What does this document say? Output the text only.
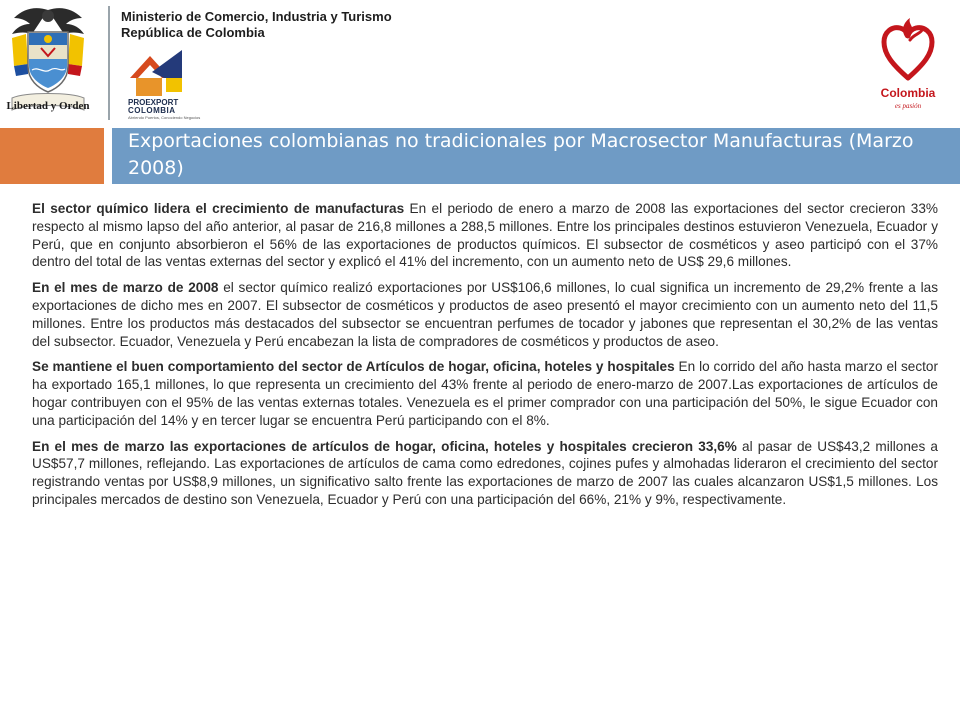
Libertad y Orden
Ministerio de Comercio, Industria y Turismo
República de Colombia
PROEXPORT
COLOMBIA
Abriendo Puertos, Conociendo Negocios
Colombia
es pasión
Exportaciones colombianas no tradicionales por Macrosector Manufacturas (Marzo 2008)

El sector químico lidera el crecimiento de manufacturas En el periodo de enero a marzo de 2008 las exportaciones del sector crecieron 33% respecto al mismo lapso del año anterior, al pasar de 216,8 millones a 288,5 millones. Entre los principales destinos estuvieron Venezuela, Ecuador y Perú, que en conjunto absorbieron el 56% de las exportaciones de productos químicos. El subsector de cosméticos y aseo participó con el 37% dentro del total de las ventas externas del sector y explicó el 41% del incremento, con un aumento neto de US$ 29,6 millones.

En el mes de marzo de 2008 el sector químico realizó exportaciones por US$106,6 millones, lo cual significa un incremento de 29,2% frente a las exportaciones de dicho mes en 2007. El subsector de cosméticos y productos de aseo presentó el mayor crecimiento con un aumento neto del 11,5 millones. Entre los productos más destacados del subsector se encuentran perfumes de tocador y jabones que representan el 30,2% de las ventas del subsector. Ecuador, Venezuela y Perú encabezan la lista de compradores de cosméticos y productos de aseo.

Se mantiene el buen comportamiento del sector de Artículos de hogar, oficina, hoteles y hospitales En lo corrido del año hasta marzo el sector ha exportado 165,1 millones, lo que representa un crecimiento del 43% frente al periodo de enero-marzo de 2007.Las exportaciones de artículos de hogar contribuyen con el 95% de las ventas externas totales. Venezuela es el primer comprador con una participación del 50%, le sigue Ecuador con una participación del 14% y en tercer lugar se encuentra Perú participando con el 8%.

En el mes de marzo las exportaciones de artículos de hogar, oficina, hoteles y hospitales crecieron 33,6% al pasar de US$43,2 millones a US$57,7 millones, reflejando. Las exportaciones de artículos de cama como edredones, cojines pufes y almohadas lideraron el crecimiento del sector registrando ventas por US$8,9 millones, un significativo salto frente las exportaciones de marzo de 2007 las cuales alcanzaron US$1,5 millones. Los principales mercados de destino son Venezuela, Ecuador y Perú con una participación del 66%, 21% y 9%, respectivamente.
